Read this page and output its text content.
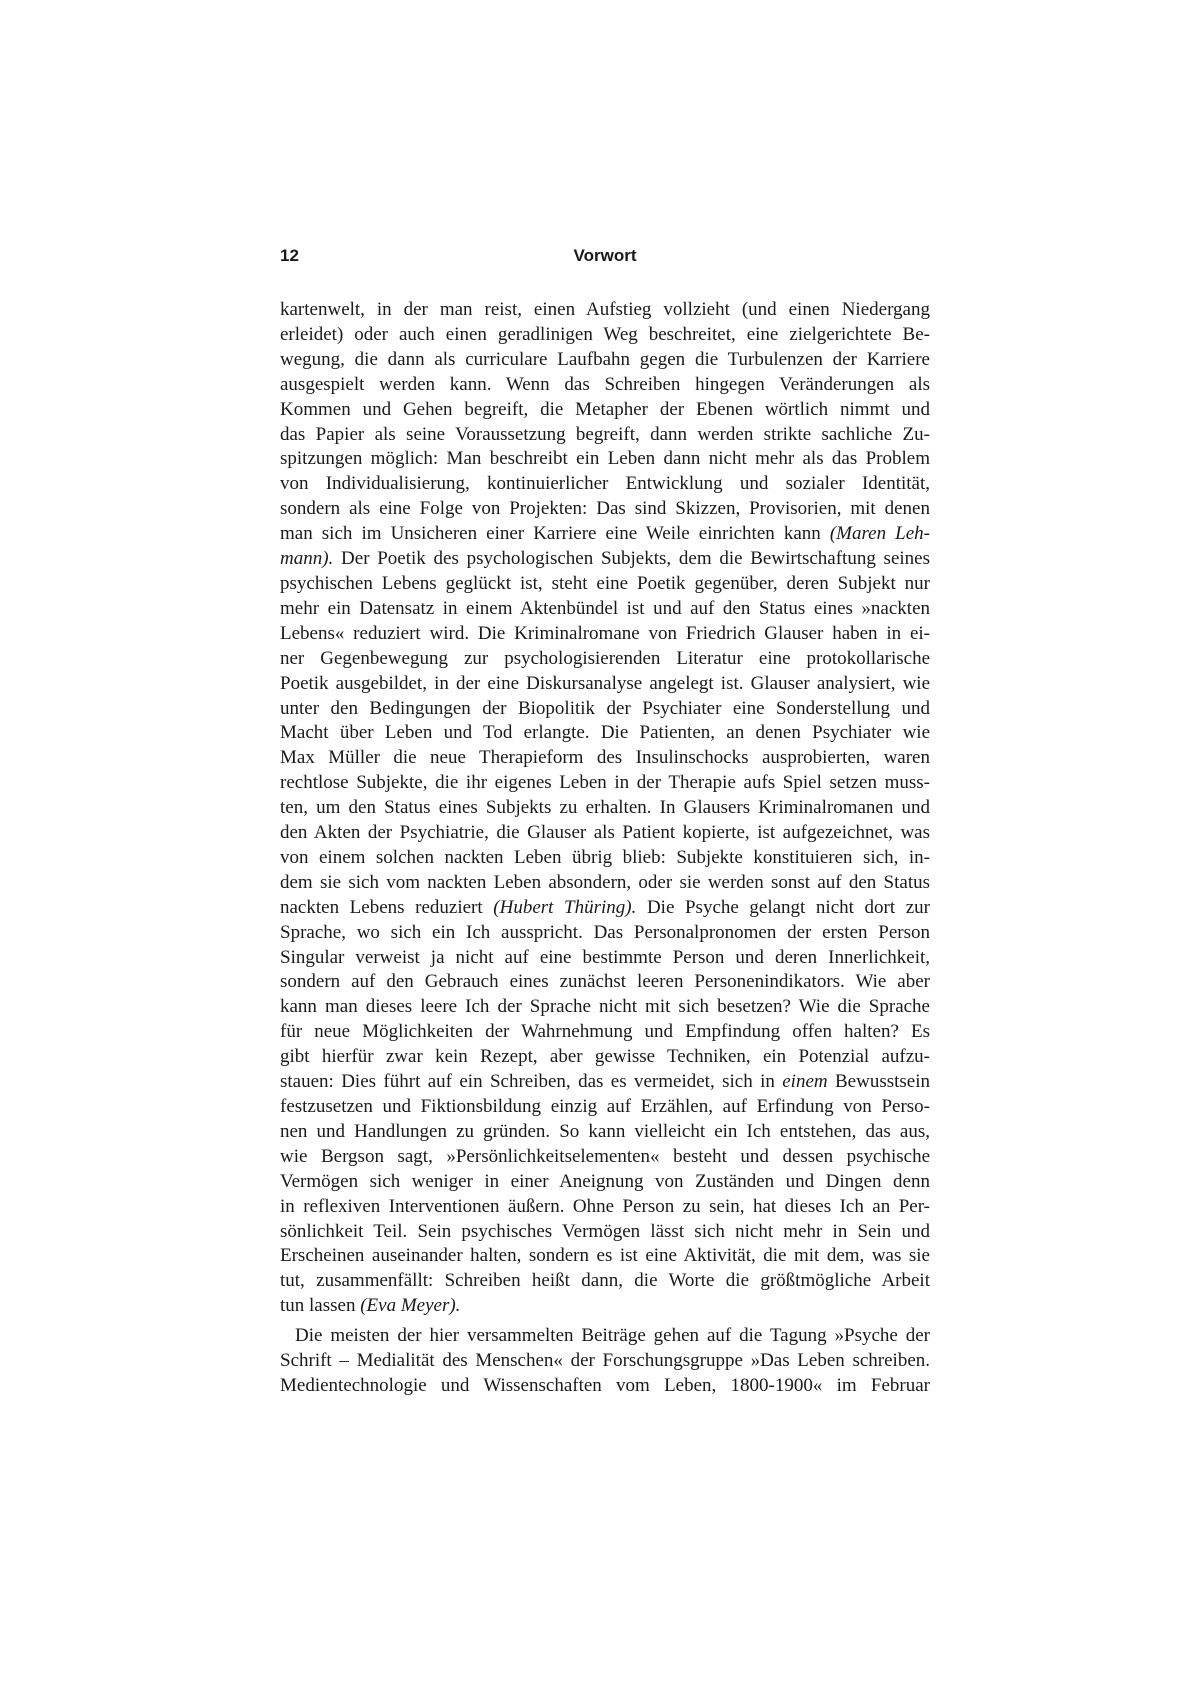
12	Vorwort

kartenwelt, in der man reist, einen Aufstieg vollzieht (und einen Niedergang
erleidet) oder auch einen geradlinigen Weg beschreitet, eine zielgerichtete Be-
wegung, die dann als curriculare Laufbahn gegen die Turbulenzen der Karriere
ausgespielt werden kann. Wenn das Schreiben hingegen Veränderungen als
Kommen und Gehen begreift, die Metapher der Ebenen wörtlich nimmt und
das Papier als seine Voraussetzung begreift, dann werden strikte sachliche Zu-
spitzungen möglich: Man beschreibt ein Leben dann nicht mehr als das Problem
von Individualisierung, kontinuierlicher Entwicklung und sozialer Identität,
sondern als eine Folge von Projekten: Das sind Skizzen, Provisorien, mit denen
man sich im Unsicheren einer Karriere eine Weile einrichten kann (Maren Leh-
mann). Der Poetik des psychologischen Subjekts, dem die Bewirtschaftung seines
psychischen Lebens geglückt ist, steht eine Poetik gegenüber, deren Subjekt nur
mehr ein Datensatz in einem Aktenbündel ist und auf den Status eines »nackten
Lebens« reduziert wird. Die Kriminalromane von Friedrich Glauser haben in ei-
ner Gegenbewegung zur psychologisierenden Literatur eine protokollarische
Poetik ausgebildet, in der eine Diskursanalyse angelegt ist. Glauser analysiert, wie
unter den Bedingungen der Biopolitik der Psychiater eine Sonderstellung und
Macht über Leben und Tod erlangte. Die Patienten, an denen Psychiater wie
Max Müller die neue Therapieform des Insulinschocks ausprobierten, waren
rechtlose Subjekte, die ihr eigenes Leben in der Therapie aufs Spiel setzen muss-
ten, um den Status eines Subjekts zu erhalten. In Glausers Kriminalromanen und
den Akten der Psychiatrie, die Glauser als Patient kopierte, ist aufgezeichnet, was
von einem solchen nackten Leben übrig blieb: Subjekte konstituieren sich, in-
dem sie sich vom nackten Leben absondern, oder sie werden sonst auf den Status
nackten Lebens reduziert (Hubert Thüring). Die Psyche gelangt nicht dort zur
Sprache, wo sich ein Ich ausspricht. Das Personalpronomen der ersten Person
Singular verweist ja nicht auf eine bestimmte Person und deren Innerlichkeit,
sondern auf den Gebrauch eines zunächst leeren Personenindikators. Wie aber
kann man dieses leere Ich der Sprache nicht mit sich besetzen? Wie die Sprache
für neue Möglichkeiten der Wahrnehmung und Empfindung offen halten? Es
gibt hierfür zwar kein Rezept, aber gewisse Techniken, ein Potenzial aufzu-
stauen: Dies führt auf ein Schreiben, das es vermeidet, sich in einem Bewusstsein
festzusetzen und Fiktionsbildung einzig auf Erzählen, auf Erfindung von Perso-
nen und Handlungen zu gründen. So kann vielleicht ein Ich entstehen, das aus,
wie Bergson sagt, »Persönlichkeitselementen« besteht und dessen psychische
Vermögen sich weniger in einer Aneignung von Zuständen und Dingen denn
in reflexiven Interventionen äußern. Ohne Person zu sein, hat dieses Ich an Per-
sönlichkeit Teil. Sein psychisches Vermögen lässt sich nicht mehr in Sein und
Erscheinen auseinander halten, sondern es ist eine Aktivität, die mit dem, was sie
tut, zusammenfällt: Schreiben heißt dann, die Worte die größtmögliche Arbeit
tun lassen (Eva Meyer).

Die meisten der hier versammelten Beiträge gehen auf die Tagung »Psyche der
Schrift – Medialität des Menschen« der Forschungsgruppe »Das Leben schreiben.
Medientechnologie und Wissenschaften vom Leben, 1800-1900« im Februar
